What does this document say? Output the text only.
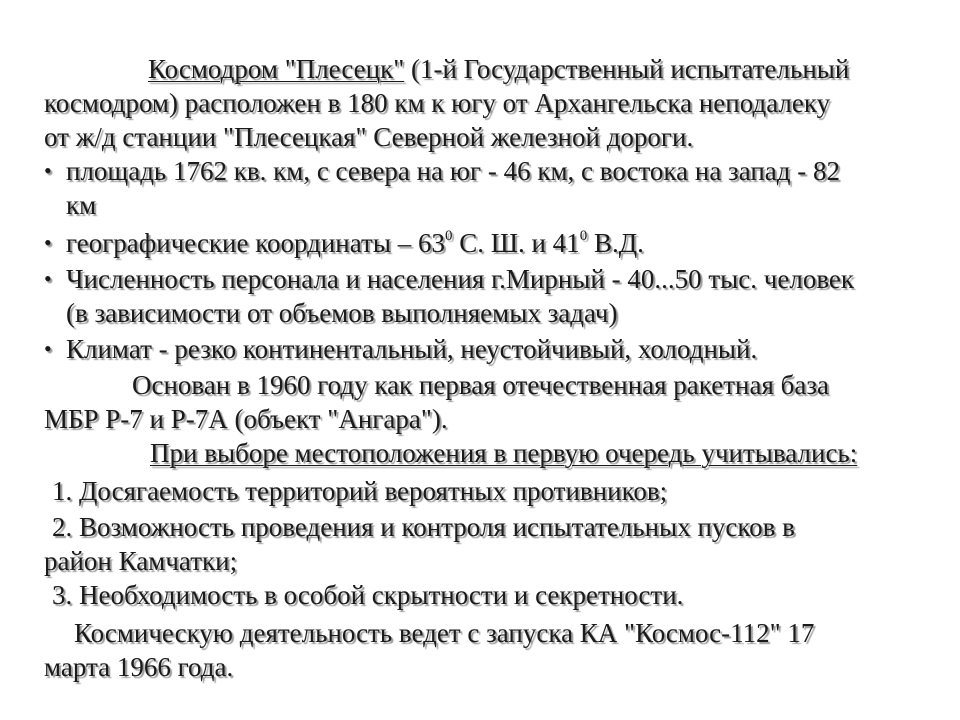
Космодром "Плесецк" (1-й Государственный испытательный
космодром) расположен в 180 км к югу от Архангельска неподалеку
от ж/д станции "Плесецкая" Северной железной дороги.
• площадь 1762 кв. км, с севера на юг - 46 км, с востока на запад - 82
км
• географические координаты – $63^0$ С. Ш. и $41^0$ В.Д.
• Численность персонала и населения г.Мирный - 40...50 тыс. человек
(в зависимости от объемов выполняемых задач)
• Климат - резко континентальный, неустойчивый, холодный.
Основан в 1960 году как первая отечественная ракетная база
МБР Р-7 и Р-7А (объект "Ангара").
При выборе местоположения в первую очередь учитывались:
1. Досягаемость территорий вероятных противников;
2. Возможность проведения и контроля испытательных пусков в
район Камчатки;
3. Необходимость в особой скрытности и секретности.
Космическую деятельность ведет с запуска КА "Космос-112" 17
марта 1966 года.
